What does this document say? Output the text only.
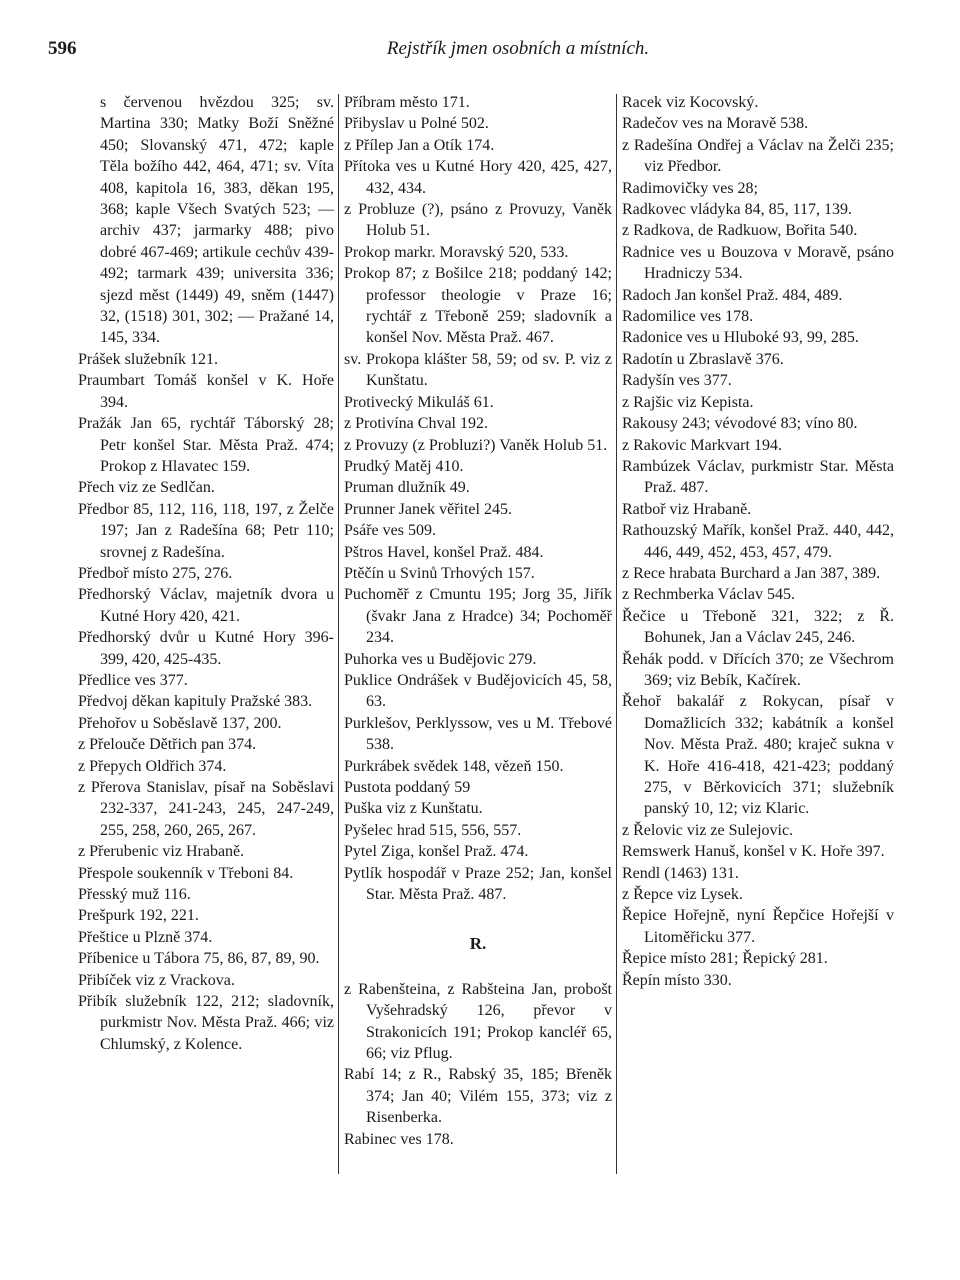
596	Rejstřík jmen osobních a místních.

s červenou hvězdou 325; sv. Martina 330; Matky Boží Sněžné 450; Slovanský 471, 472; kaple Těla božího 442, 464, 471; sv. Víta 408, kapitola 16, 383, děkan 195, 368; kaple Všech Svatých 523; — archiv 437; jarmarky 488; pivo dobré 467-469; artikule cechův 439-492; tarmark 439; universita 336; sjezd měst (1449) 49, sněm (1447) 32, (1518) 301, 302; — Pražané 14, 145, 334.

Prášek služebník 121.

Praumbart Tomáš konšel v K. Hoře 394.

Pražák Jan 65, rychtář Táborský 28; Petr konšel Star. Města Praž. 474; Prokop z Hlavatec 159.

Přech viz ze Sedlčan.

Předbor 85, 112, 116, 118, 197, z Želče 197; Jan z Radešína 68; Petr 110; srovnej z Radešína.

Předboř místo 275, 276.

Předhorský Václav, majetník dvora u Kutné Hory 420, 421.

Předhorský dvůr u Kutné Hory 396-399, 420, 425-435.

Předlice ves 377.

Předvoj děkan kapituly Pražské 383.

Přehořov u Soběslavě 137, 200.

z Přelouče Dětřich pan 374.

z Přepych Oldřich 374.

z Přerova Stanislav, písař na Soběslavi 232-337, 241-243, 245, 247-249, 255, 258, 260, 265, 267.

z Přerubenic viz Hrabaně.

Přespole soukenník v Třeboni 84.

Přesský muž 116.

Prešpurk 192, 221.

Přeštice u Plzně 374.

Příbenice u Tábora 75, 86, 87, 89, 90.

Přibíček viz z Vrackova.

Přibík služebník 122, 212; sladovník, purkmistr Nov. Města Praž. 466; viz Chlumský, z Kolence.

Příbram město 171.

Přibyslav u Polné 502.

z Přílep Jan a Otík 174.

Přítoka ves u Kutné Hory 420, 425, 427, 432, 434.

z Probluze (?), psáno z Provuzy, Vaněk Holub 51.

Prokop markr. Moravský 520, 533.

Prokop 87; z Bošilce 218; poddaný 142; professor theologie v Praze 16; rychtář z Třeboně 259; sladovník a konšel Nov. Města Praž. 467.

sv. Prokopa klášter 58, 59; od sv. P. viz z Kunštatu.

Protivecký Mikuláš 61.

z Protivína Chval 192.

z Provuzy (z Probluzi?) Vaněk Holub 51.

Prudký Matěj 410.

Pruman dlužník 49.

Prunner Janek věřitel 245.

Psáře ves 509.

Pštros Havel, konšel Praž. 484.

Ptěčín u Svinů Trhových 157.

Puchoměř z Cmuntu 195; Jorg 35, Jiřík (švakr Jana z Hradce) 34; Pochoměř 234.

Puhorka ves u Budějovic 279.

Puklice Ondrášek v Budějovicích 45, 58, 63.

Purklešov, Perklyssow, ves u M. Třebové 538.

Purkrábek svědek 148, vězeň 150.

Pustota poddaný 59

Puška viz z Kunštatu.

Pyšelec hrad 515, 556, 557.

Pytel Ziga, konšel Praž. 474.

Pytlík hospodář v Praze 252; Jan, konšel Star. Města Praž. 487.

R.

z Rabenšteina, z Rabšteina Jan, probošt Vyšehradský 126, převor v Strakonicích 191; Prokop kancléř 65, 66; viz Pflug.

Rabí 14; z R., Rabský 35, 185; Břeněk 374; Jan 40; Vilém 155, 373; viz z Risenberka.

Rabinec ves 178.

Racek viz Kocovský.

Radečov ves na Moravě 538.

z Radešína Ondřej a Václav na Želči 235; viz Předbor.

Radimovičky ves 28;

Radkovec vládyka 84, 85, 117, 139.

z Radkova, de Radkuow, Bořita 540.

Radnice ves u Bouzova v Moravě, psáno Hradniczy 534.

Radoch Jan konšel Praž. 484, 489.

Radomilice ves 178.

Radonice ves u Hluboké 93, 99, 285.

Radotín u Zbraslavě 376.

Radyšín ves 377.

z Rajšic viz Kepista.

Rakousy 243; vévodové 83; víno 80.

z Rakovic Markvart 194.

Rambúzek Václav, purkmistr Star. Města Praž. 487.

Ratboř viz Hrabaně.

Rathouzský Mařík, konšel Praž. 440, 442, 446, 449, 452, 453, 457, 479.

z Rece hrabata Burchard a Jan 387, 389.

z Rechmberka Václav 545.

Řečice u Třeboně 321, 322; z Ř. Bohunek, Jan a Václav 245, 246.

Řehák podd. v Dřících 370; ze Všechrom 369; viz Bebík, Kačírek.

Řehoř bakalář z Rokycan, písař v Domažlicích 332; kabátník a konšel Nov. Města Praž. 480; kraječ sukna v K. Hoře 416-418, 421-423; poddaný 275, v Běrkovicích 371; služebník panský 10, 12; viz Klaric.

z Řelovic viz ze Sulejovic.

Remswerk Hanuš, konšel v K. Hoře 397.

Rendl (1463) 131.

z Řepce viz Lysek.

Řepice Hořejně, nyní Řepčice Hořejší v Litoměřicku 377.

Řepice místo 281; Řepický 281.

Řepín místo 330.
